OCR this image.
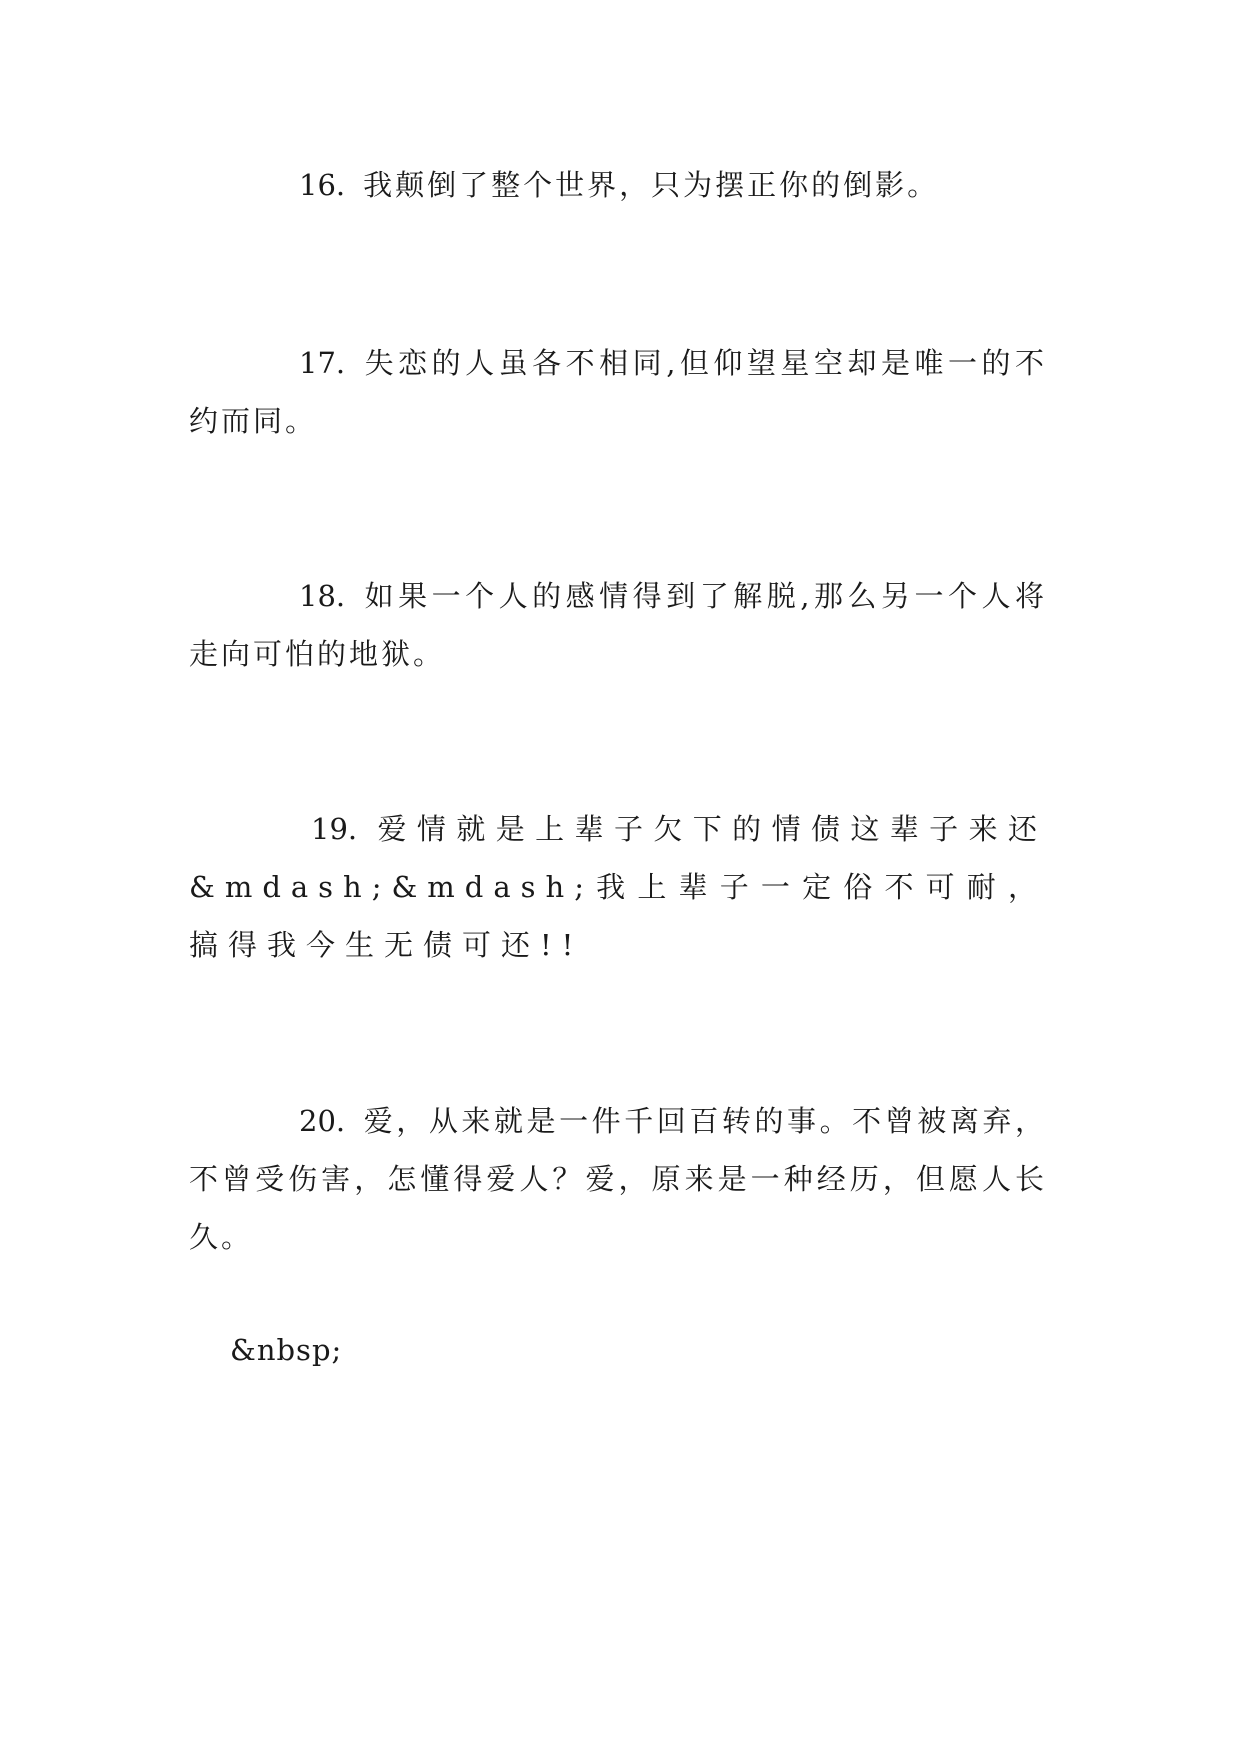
16. 我颠倒了整个世界，只为摆正你的倒影。

17. 失恋的人虽各不相同,但仰望星空却是唯一的不约而同。

18. 如果一个人的感情得到了解脱,那么另一个人将走向可怕的地狱。

19. 爱情就是上辈子欠下的情债这辈子来还&mdash;&mdash;我上辈子一定俗不可耐，搞得我今生无债可还!!

20. 爱，从来就是一件千回百转的事。不曾被离弃，不曾受伤害，怎懂得爱人？爱，原来是一种经历，但愿人长久。

&nbsp;
